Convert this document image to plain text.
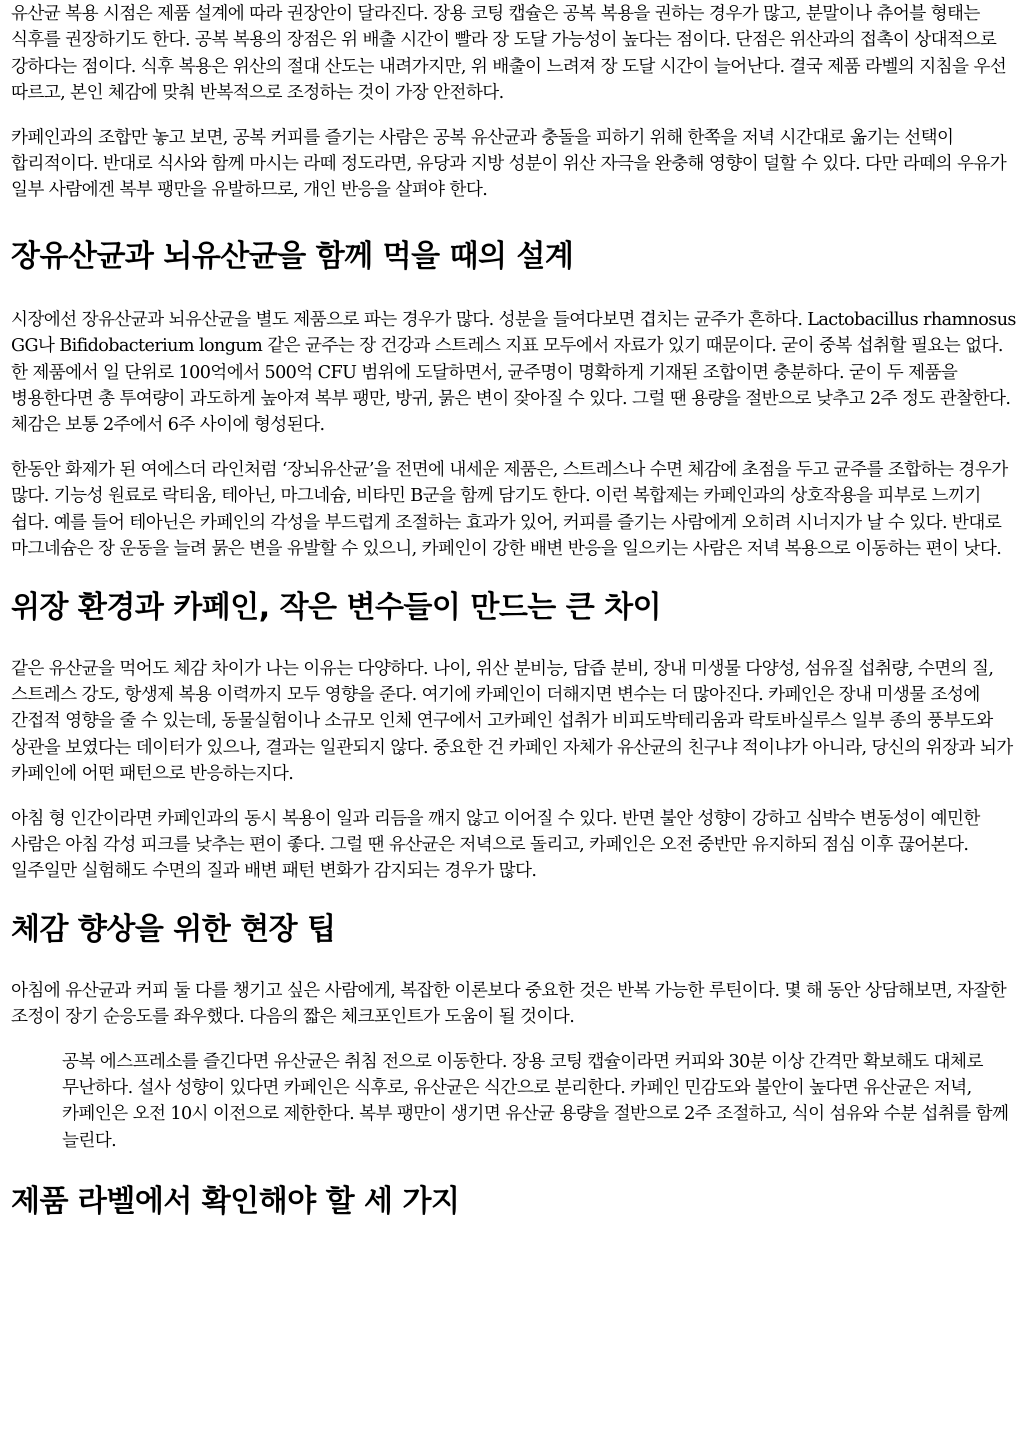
유산균 복용 시점은 제품 설계에 따라 권장안이 달라진다. 장용 코팅 캡슐은 공복 복용을 권하는 경우가 많고, 분말이나 츄어블 형태는 식후를 권장하기도 한다. 공복 복용의 장점은 위 배출 시간이 빨라 장 도달 가능성이 높다는 점이다. 단점은 위산과의 접촉이 상대적으로 강하다는 점이다. 식후 복용은 위산의 절대 산도는 내려가지만, 위 배출이 느려져 장 도달 시간이 늘어난다. 결국 제품 라벨의 지침을 우선 따르고, 본인 체감에 맞춰 반복적으로 조정하는 것이 가장 안전하다.

카페인과의 조합만 놓고 보면, 공복 커피를 즐기는 사람은 공복 유산균과 충돌을 피하기 위해 한쪽을 저녁 시간대로 옮기는 선택이 합리적이다. 반대로 식사와 함께 마시는 라떼 정도라면, 유당과 지방 성분이 위산 자극을 완충해 영향이 덜할 수 있다. 다만 라떼의 우유가 일부 사람에겐 복부 팽만을 유발하므로, 개인 반응을 살펴야 한다.

장유산균과 뇌유산균을 함께 먹을 때의 설계

시장에선 장유산균과 뇌유산균을 별도 제품으로 파는 경우가 많다. 성분을 들여다보면 겹치는 균주가 흔하다. Lactobacillus rhamnosus GG나 Bifidobacterium longum 같은 균주는 장 건강과 스트레스 지표 모두에서 자료가 있기 때문이다. 굳이 중복 섭취할 필요는 없다. 한 제품에서 일 단위로 100억에서 500억 CFU 범위에 도달하면서, 균주명이 명확하게 기재된 조합이면 충분하다. 굳이 두 제품을 병용한다면 총 투여량이 과도하게 높아져 복부 팽만, 방귀, 묽은 변이 잦아질 수 있다. 그럴 땐 용량을 절반으로 낮추고 2주 정도 관찰한다. 체감은 보통 2주에서 6주 사이에 형성된다.

한동안 화제가 된 여에스더 라인처럼 ‘장뇌유산균’을 전면에 내세운 제품은, 스트레스나 수면 체감에 초점을 두고 균주를 조합하는 경우가 많다. 기능성 원료로 락티움, 테아닌, 마그네슘, 비타민 B군을 함께 담기도 한다. 이런 복합제는 카페인과의 상호작용을 피부로 느끼기 쉽다. 예를 들어 테아닌은 카페인의 각성을 부드럽게 조절하는 효과가 있어, 커피를 즐기는 사람에게 오히려 시너지가 날 수 있다. 반대로 마그네슘은 장 운동을 늘려 묽은 변을 유발할 수 있으니, 카페인이 강한 배변 반응을 일으키는 사람은 저녁 복용으로 이동하는 편이 낫다.

위장 환경과 카페인, 작은 변수들이 만드는 큰 차이

같은 유산균을 먹어도 체감 차이가 나는 이유는 다양하다. 나이, 위산 분비능, 담즙 분비, 장내 미생물 다양성, 섬유질 섭취량, 수면의 질, 스트레스 강도, 항생제 복용 이력까지 모두 영향을 준다. 여기에 카페인이 더해지면 변수는 더 많아진다. 카페인은 장내 미생물 조성에 간접적 영향을 줄 수 있는데, 동물실험이나 소규모 인체 연구에서 고카페인 섭취가 비피도박테리움과 락토바실루스 일부 종의 풍부도와 상관을 보였다는 데이터가 있으나, 결과는 일관되지 않다. 중요한 건 카페인 자체가 유산균의 친구냐 적이냐가 아니라, 당신의 위장과 뇌가 카페인에 어떤 패턴으로 반응하는지다.

아침 형 인간이라면 카페인과의 동시 복용이 일과 리듬을 깨지 않고 이어질 수 있다. 반면 불안 성향이 강하고 심박수 변동성이 예민한 사람은 아침 각성 피크를 낮추는 편이 좋다. 그럴 땐 유산균은 저녁으로 돌리고, 카페인은 오전 중반만 유지하되 점심 이후 끊어본다. 일주일만 실험해도 수면의 질과 배변 패턴 변화가 감지되는 경우가 많다.

체감 향상을 위한 현장 팁

아침에 유산균과 커피 둘 다를 챙기고 싶은 사람에게, 복잡한 이론보다 중요한 것은 반복 가능한 루틴이다. 몇 해 동안 상담해보면, 자잘한 조정이 장기 순응도를 좌우했다. 다음의 짧은 체크포인트가 도움이 될 것이다.

공복 에스프레소를 즐긴다면 유산균은 취침 전으로 이동한다. 장용 코팅 캡슐이라면 커피와 30분 이상 간격만 확보해도 대체로 무난하다. 설사 성향이 있다면 카페인은 식후로, 유산균은 식간으로 분리한다. 카페인 민감도와 불안이 높다면 유산균은 저녁, 카페인은 오전 10시 이전으로 제한한다. 복부 팽만이 생기면 유산균 용량을 절반으로 2주 조절하고, 식이 섬유와 수분 섭취를 함께 늘린다.

제품 라벨에서 확인해야 할 세 가지
